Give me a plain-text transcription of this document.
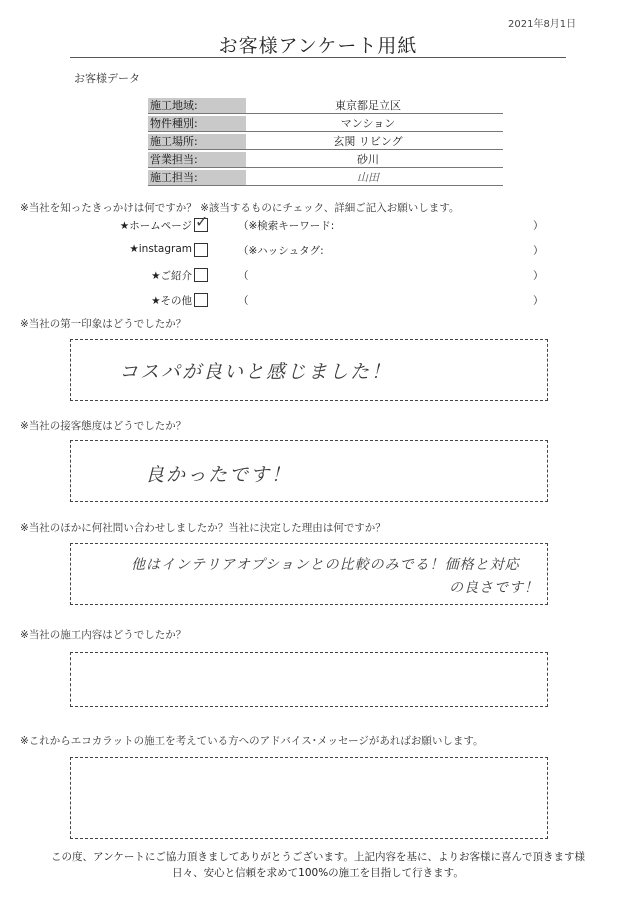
2021年8月1日
お客様アンケート用紙
お客様データ
施工地域:	東京都足立区
物件種別:	マンション
施工場所:	玄関 リビング
営業担当:	砂川
施工担当:	山田
※当社を知ったきっかけは何ですか？ ※該当するものにチェック、詳細ご記入お願いします。
★ホームページ ✓	（※検索キーワード:	）
★instagram	（※ハッシュタグ:	）
★ご紹介	（	）
★その他	（	）
※当社の第一印象はどうでしたか？
コスパが良いと感じました！
※当社の接客態度はどうでしたか？
良かったです！
※当社のほかに何社問い合わせしましたか？当社に決定した理由は何ですか？
他はインテリアオプションとの比較のみでる！価格と対応
の良さです！
※当社の施工内容はどうでしたか？
※これからエコカラットの施工を考えている方へのアドバイス･メッセージがあればお願いします。
この度、アンケートにご協力頂きましてありがとうございます。上記内容を基に、よりお客様に喜んで頂きます様
日々、安心と信頼を求めて100%の施工を目指して行きます。
